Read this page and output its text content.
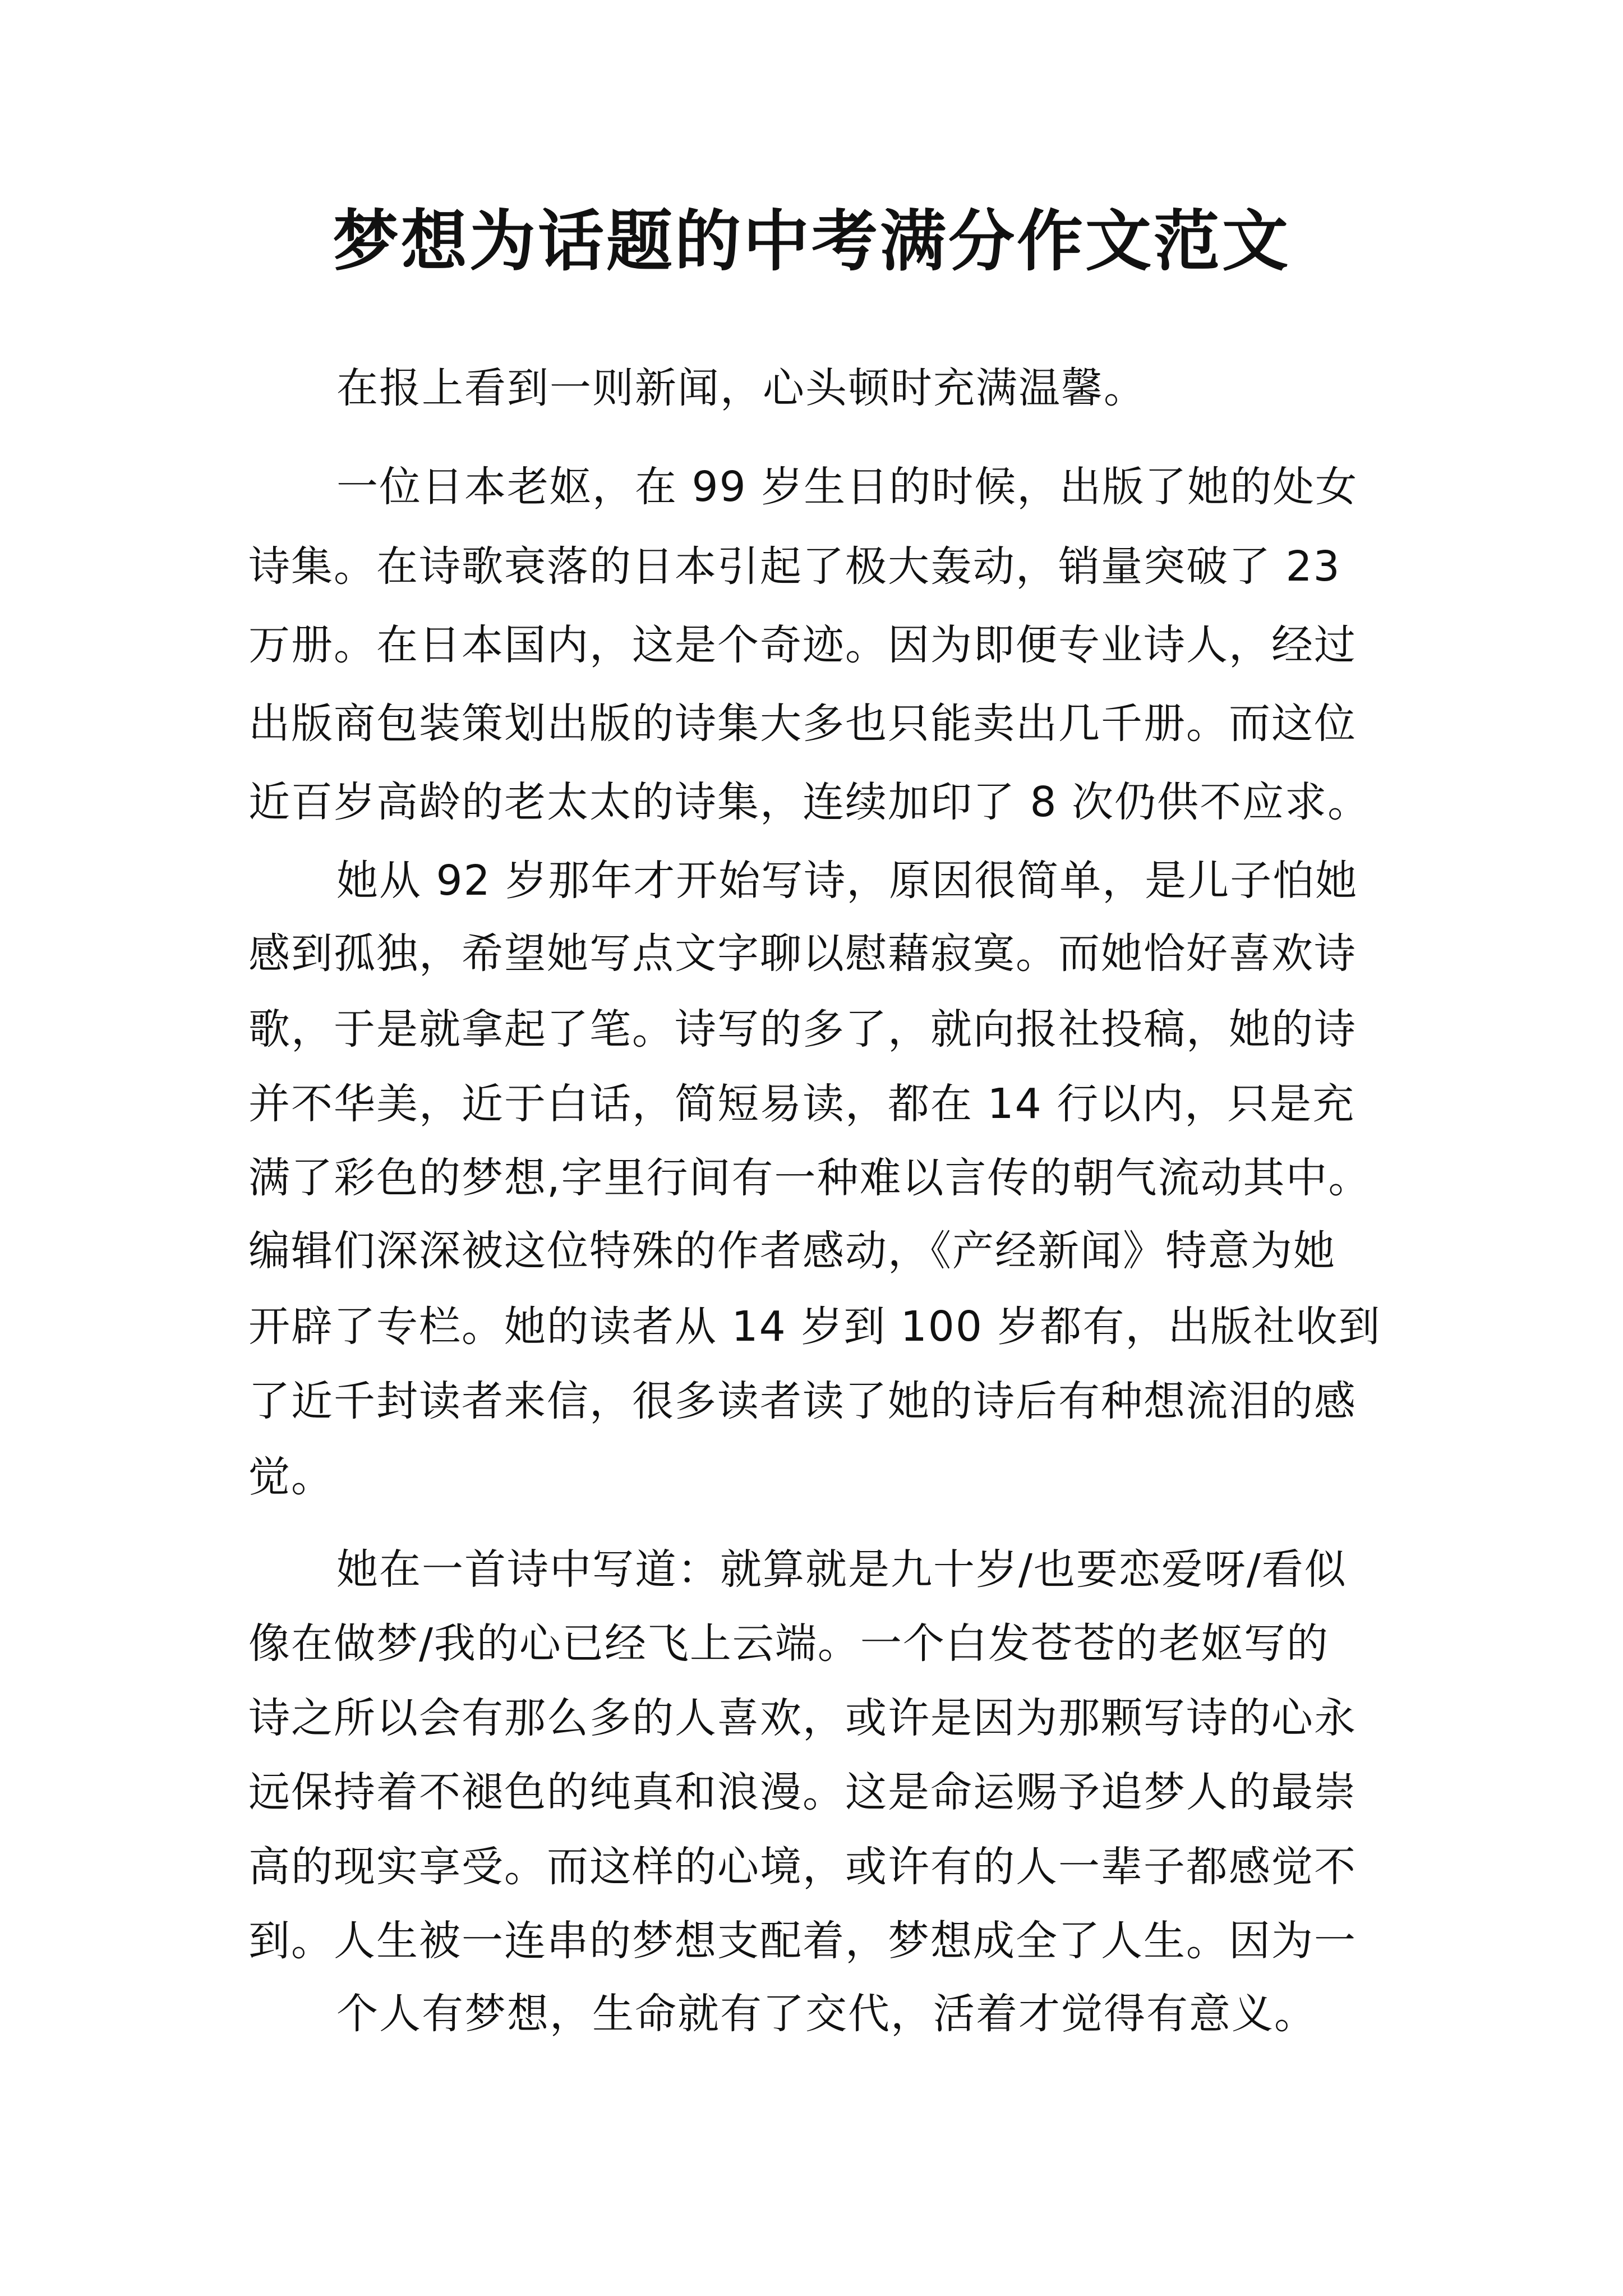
梦想为话题的中考满分作文范文
在报上看到一则新闻，心头顿时充满温馨。
一位日本老妪，在 99 岁生日的时候，出版了她的处女
诗集。在诗歌衰落的日本引起了极大轰动，销量突破了 23
万册。在日本国内，这是个奇迹。因为即便专业诗人，经过
出版商包装策划出版的诗集大多也只能卖出几千册。而这位
近百岁高龄的老太太的诗集，连续加印了 8 次仍供不应求。
她从 92 岁那年才开始写诗，原因很简单，是儿子怕她
感到孤独，希望她写点文字聊以慰藉寂寞。而她恰好喜欢诗
歌，于是就拿起了笔。诗写的多了，就向报社投稿，她的诗
并不华美，近于白话，简短易读，都在 14 行以内，只是充
满了彩色的梦想,字里行间有一种难以言传的朝气流动其中。
编辑们深深被这位特殊的作者感动，《产经新闻》特意为她
开辟了专栏。她的读者从 14 岁到 100 岁都有，出版社收到
了近千封读者来信，很多读者读了她的诗后有种想流泪的感
觉。
她在一首诗中写道：就算就是九十岁/也要恋爱呀/看似
像在做梦/我的心已经飞上云端。一个白发苍苍的老妪写的
诗之所以会有那么多的人喜欢，或许是因为那颗写诗的心永
远保持着不褪色的纯真和浪漫。这是命运赐予追梦人的最崇
高的现实享受。而这样的心境，或许有的人一辈子都感觉不
到。人生被一连串的梦想支配着，梦想成全了人生。因为一
个人有梦想，生命就有了交代，活着才觉得有意义。
